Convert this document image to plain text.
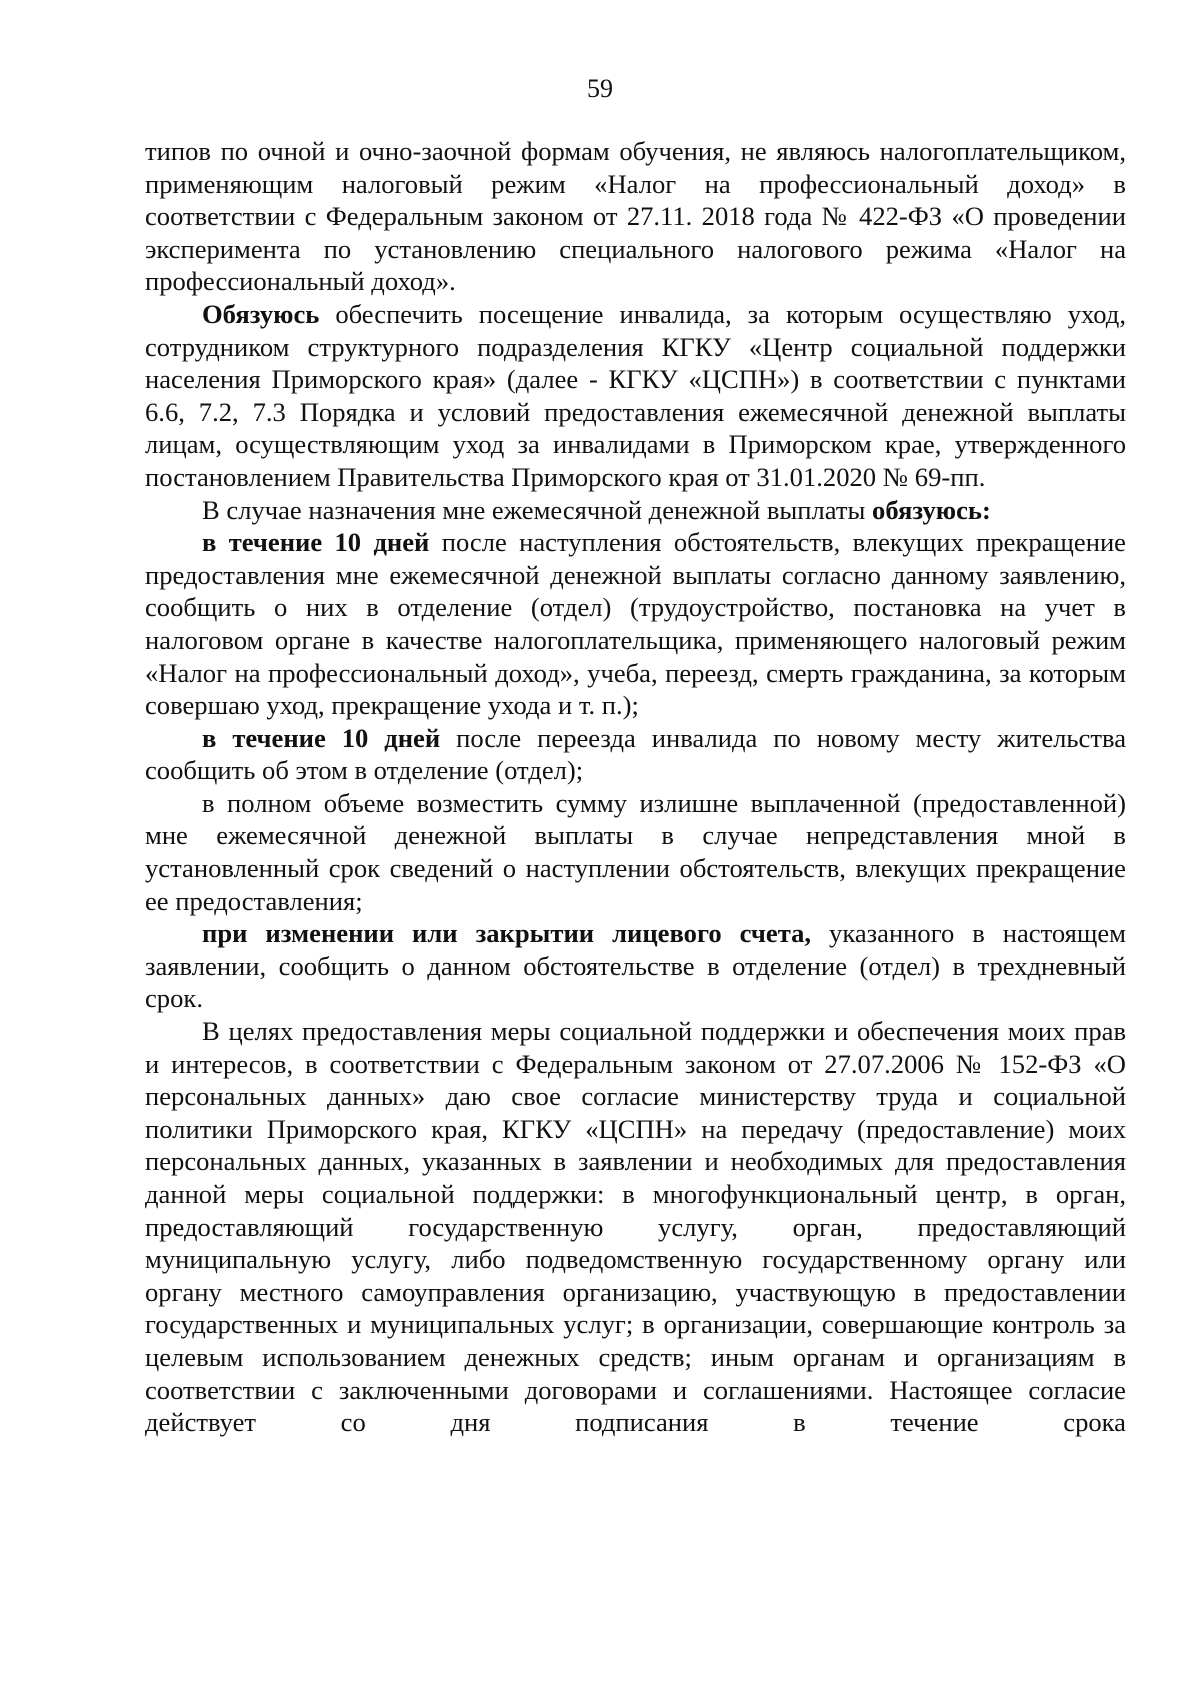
59

типов по очной и очно-заочной формам обучения, не являюсь налогоплательщиком, применяющим налоговый режим «Налог на профессиональный доход» в соответствии с Федеральным законом от 27.11. 2018 года № 422-ФЗ «О проведении эксперимента по установлению специального налогового режима «Налог на профессиональный доход».

Обязуюсь обеспечить посещение инвалида, за которым осуществляю уход, сотрудником структурного подразделения КГКУ «Центр социальной поддержки населения Приморского края» (далее - КГКУ «ЦСПН») в соответствии с пунктами 6.6, 7.2, 7.3 Порядка и условий предоставления ежемесячной денежной выплаты лицам, осуществляющим уход за инвалидами в Приморском крае, утвержденного постановлением Правительства Приморского края от 31.01.2020 № 69-пп.

В случае назначения мне ежемесячной денежной выплаты обязуюсь:

в течение 10 дней после наступления обстоятельств, влекущих прекращение предоставления мне ежемесячной денежной выплаты согласно данному заявлению, сообщить о них в отделение (отдел) (трудоустройство, постановка на учет в налоговом органе в качестве налогоплательщика, применяющего налоговый режим «Налог на профессиональный доход», учеба, переезд, смерть гражданина, за которым совершаю уход, прекращение ухода и т. п.);

в течение 10 дней после переезда инвалида по новому месту жительства сообщить об этом в отделение (отдел);

в полном объеме возместить сумму излишне выплаченной (предоставленной) мне ежемесячной денежной выплаты в случае непредставления мной в установленный срок сведений о наступлении обстоятельств, влекущих прекращение ее предоставления;

при изменении или закрытии лицевого счета, указанного в настоящем заявлении, сообщить о данном обстоятельстве в отделение (отдел) в трехдневный срок.

В целях предоставления меры социальной поддержки и обеспечения моих прав и интересов, в соответствии с Федеральным законом от 27.07.2006 № 152-ФЗ «О персональных данных» даю свое согласие министерству труда и социальной политики Приморского края, КГКУ «ЦСПН» на передачу (предоставление) моих персональных данных, указанных в заявлении и необходимых для предоставления данной меры социальной поддержки: в многофункциональный центр, в орган, предоставляющий государственную услугу, орган, предоставляющий муниципальную услугу, либо подведомственную государственному органу или органу местного самоуправления организацию, участвующую в предоставлении государственных и муниципальных услуг; в организации, совершающие контроль за целевым использованием денежных средств; иным органам и организациям в соответствии с заключенными договорами и соглашениями. Настоящее согласие действует со дня подписания в течение срока
